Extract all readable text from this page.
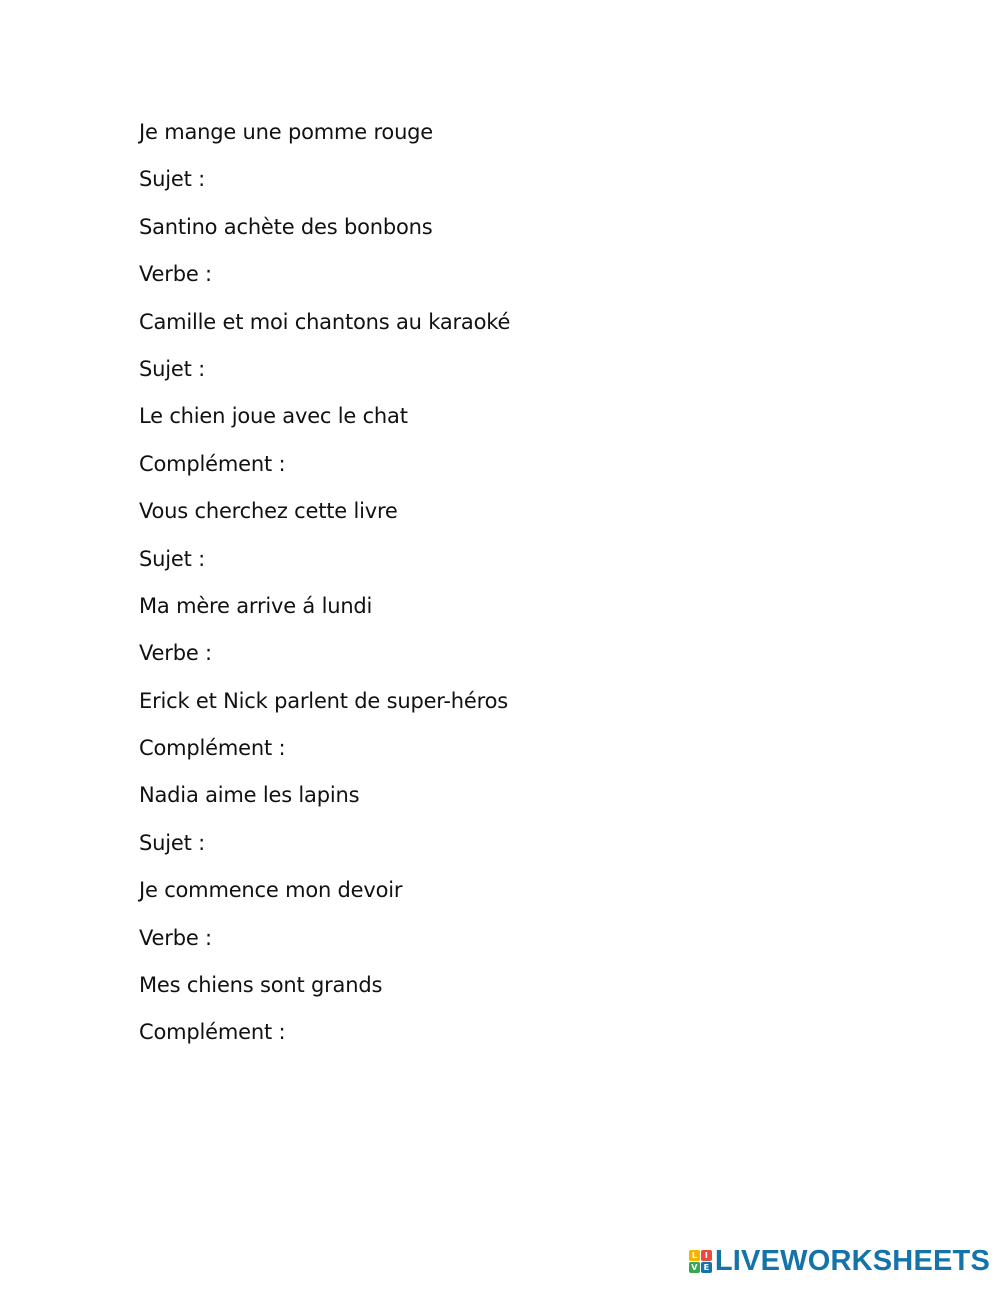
Je mange une pomme rouge
Sujet :
Santino achète des bonbons
Verbe :
Camille et moi chantons au karaoké
Sujet :
Le chien joue avec le chat
Complément :
Vous cherchez cette livre
Sujet :
Ma mère arrive á lundi
Verbe :
Erick et Nick parlent de super-héros
Complément :
Nadia aime les lapins
Sujet :
Je commence mon devoir
Verbe :
Mes chiens sont grands
Complément :
L I
V E LIVEWORKSHEETS
